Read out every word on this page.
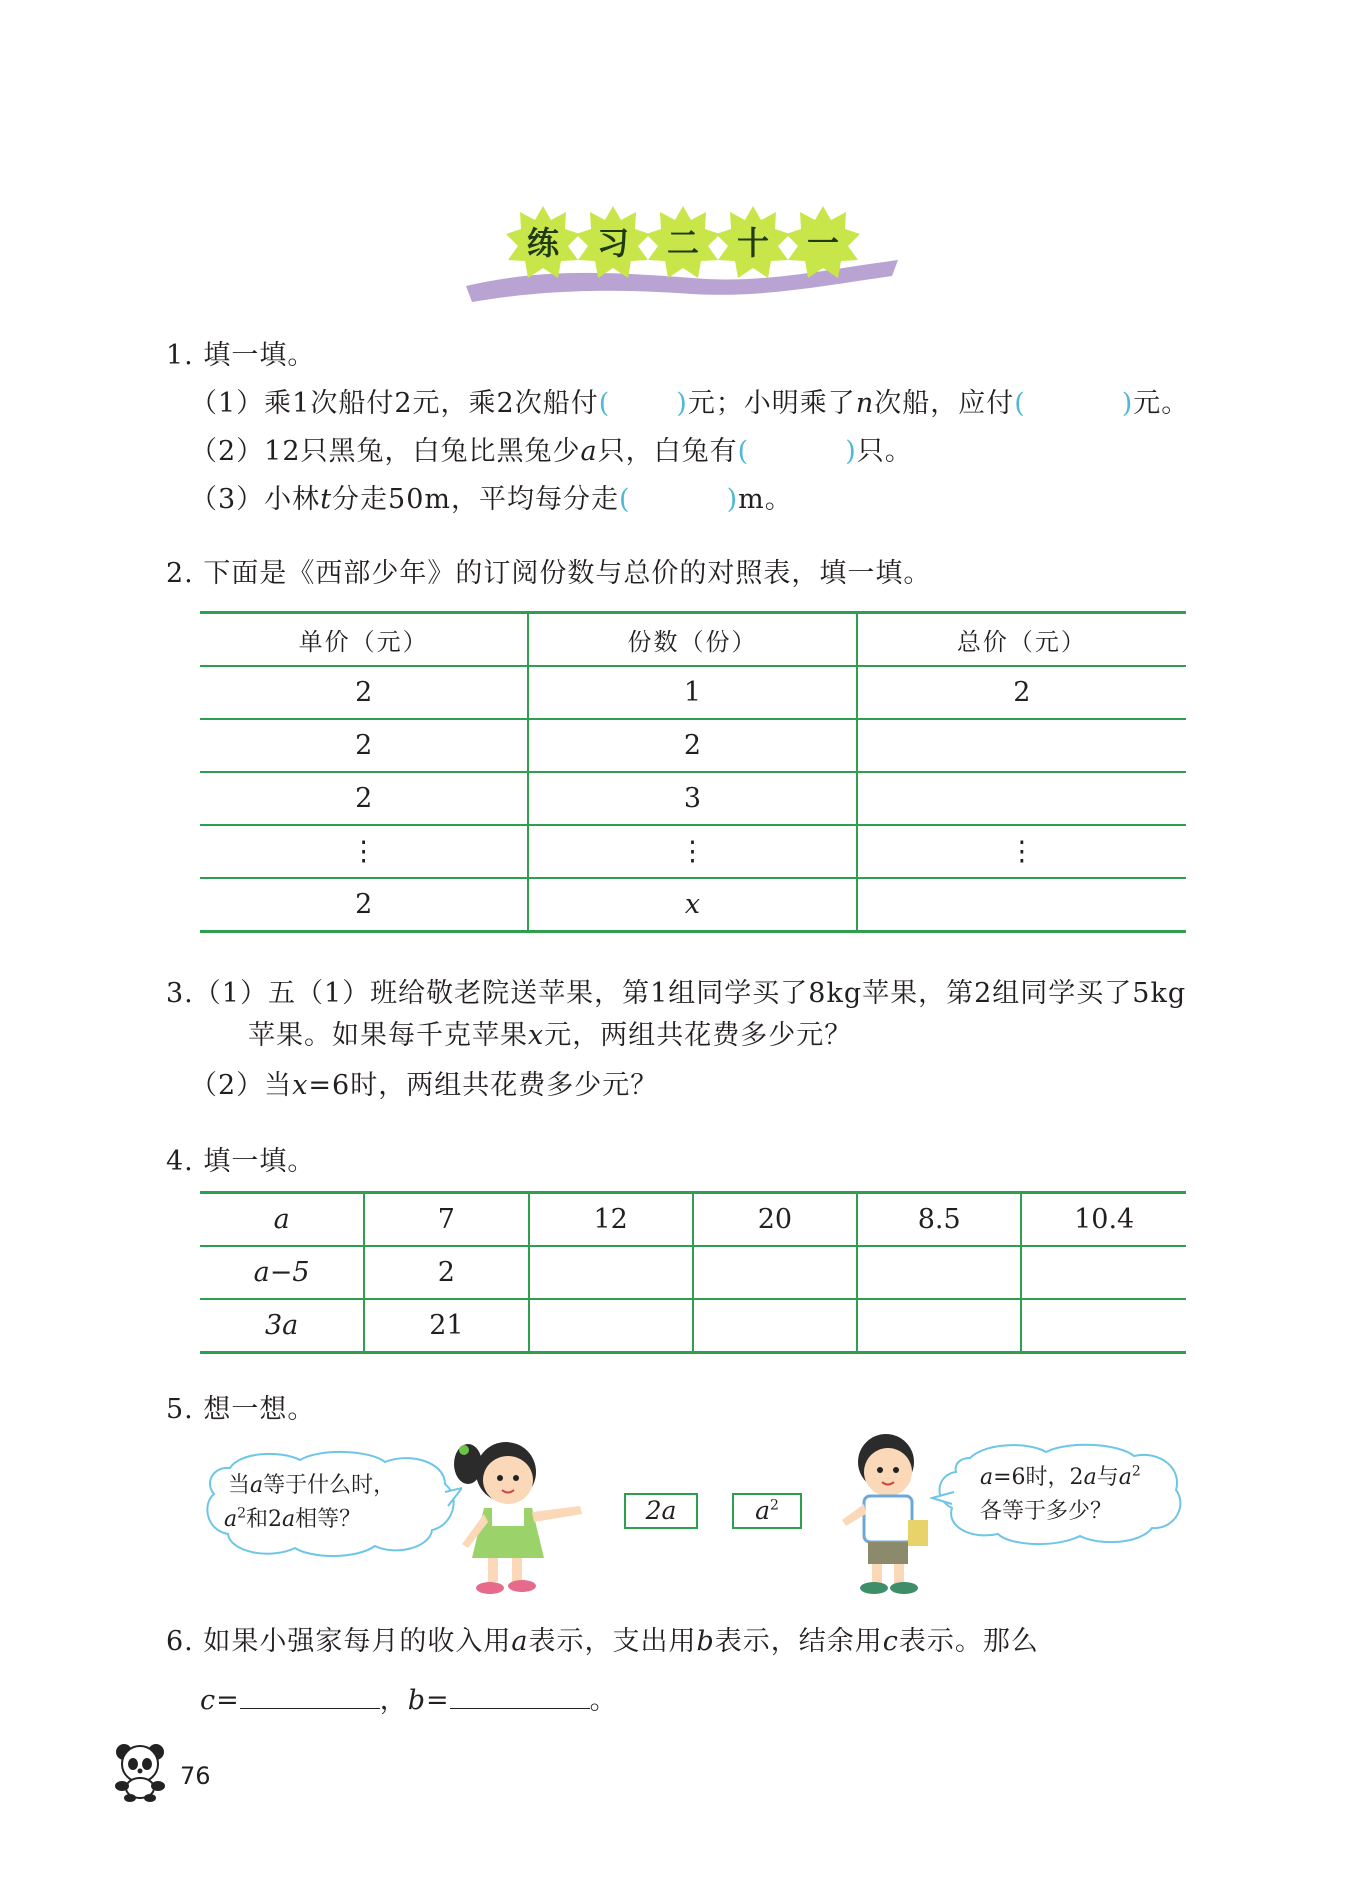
练	习	二	十	一
1. 填一填。
（1）乘1次船付2元，乘2次船付( )元；小明乘了n次船，应付(	)元。
（2）12只黑兔，白兔比黑兔少a只，白兔有(	)只。
（3）小林t分走50m，平均每分走(	)m。
2. 下面是《西部少年》的订阅份数与总价的对照表，填一填。
单价（元）	份数（份）	总价（元）
2	1	2
2	2	
2	3	
⋮	⋮	⋮
2	x	
3.（1）五（1）班给敬老院送苹果，第1组同学买了8kg苹果，第2组同学买了5kg
苹果。如果每千克苹果x元，两组共花费多少元？
（2）当x=6时，两组共花费多少元？
4. 填一填。
a	7	12	20	8.5	10.4
a−5	2				
3a	21				
5. 想一想。
当a等于什么时，
$a^2$和2a相等？	2a	$a^2$
a=6时，2a与$a^2$
各等于多少？
6. 如果小强家每月的收入用a表示，支出用b表示，结余用c表示。那么
c=	，b=	。
76
